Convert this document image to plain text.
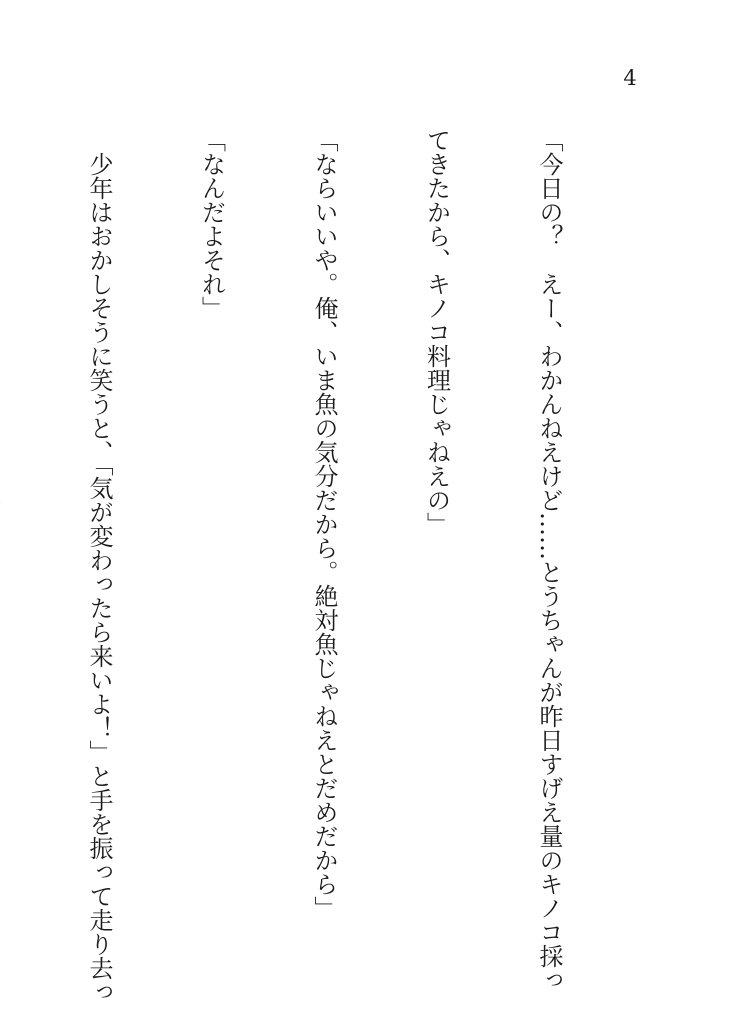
4

「今日の？　えー、わかんねえけど……とうちゃんが昨日すげえ量のキノコ採っ

てきたから、キノコ料理じゃねえの」

「ならいいや。俺、いま魚の気分だから。絶対魚じゃねえとだめだから」

「なんだよそれ」

　少年はおかしそうに笑うと、「気が変わったら来いよ！」と手を振って走り去っ
